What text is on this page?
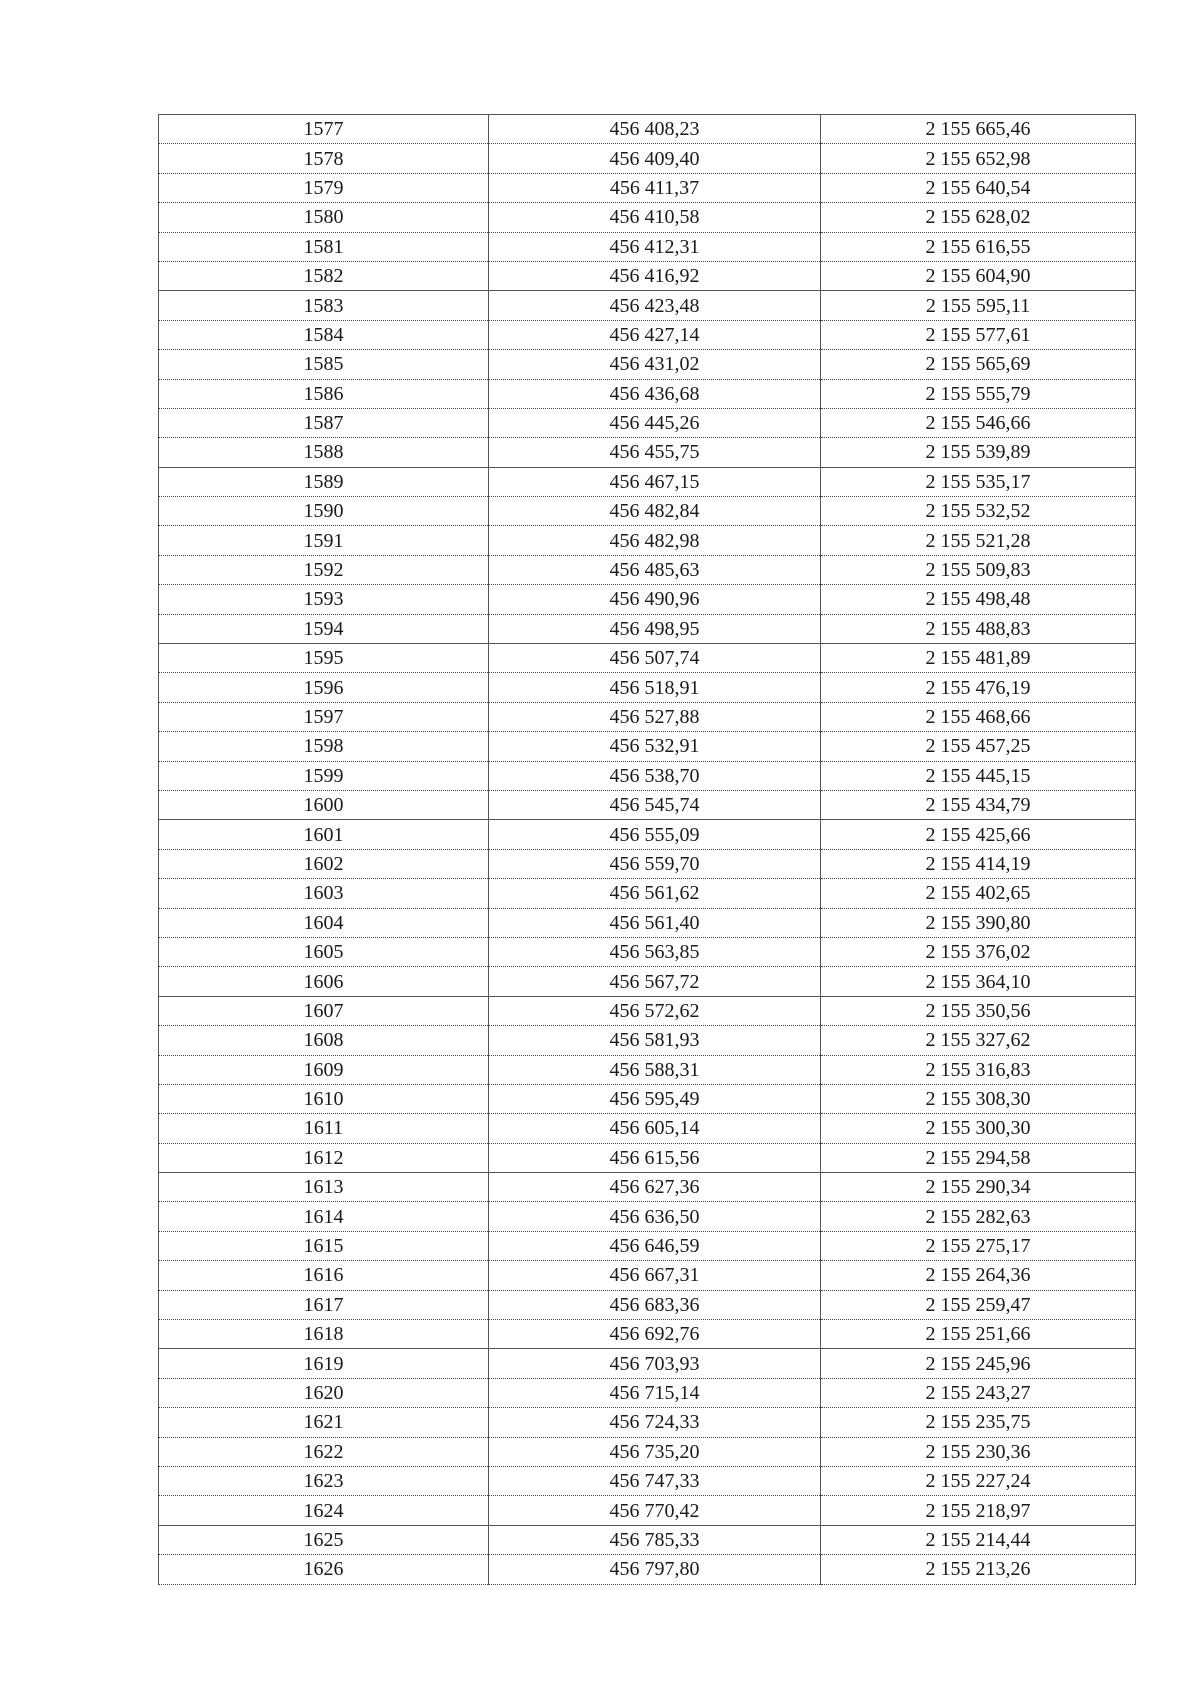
1577	456 408,23	2 155 665,46
1578	456 409,40	2 155 652,98
1579	456 411,37	2 155 640,54
1580	456 410,58	2 155 628,02
1581	456 412,31	2 155 616,55
1582	456 416,92	2 155 604,90
1583	456 423,48	2 155 595,11
1584	456 427,14	2 155 577,61
1585	456 431,02	2 155 565,69
1586	456 436,68	2 155 555,79
1587	456 445,26	2 155 546,66
1588	456 455,75	2 155 539,89
1589	456 467,15	2 155 535,17
1590	456 482,84	2 155 532,52
1591	456 482,98	2 155 521,28
1592	456 485,63	2 155 509,83
1593	456 490,96	2 155 498,48
1594	456 498,95	2 155 488,83
1595	456 507,74	2 155 481,89
1596	456 518,91	2 155 476,19
1597	456 527,88	2 155 468,66
1598	456 532,91	2 155 457,25
1599	456 538,70	2 155 445,15
1600	456 545,74	2 155 434,79
1601	456 555,09	2 155 425,66
1602	456 559,70	2 155 414,19
1603	456 561,62	2 155 402,65
1604	456 561,40	2 155 390,80
1605	456 563,85	2 155 376,02
1606	456 567,72	2 155 364,10
1607	456 572,62	2 155 350,56
1608	456 581,93	2 155 327,62
1609	456 588,31	2 155 316,83
1610	456 595,49	2 155 308,30
1611	456 605,14	2 155 300,30
1612	456 615,56	2 155 294,58
1613	456 627,36	2 155 290,34
1614	456 636,50	2 155 282,63
1615	456 646,59	2 155 275,17
1616	456 667,31	2 155 264,36
1617	456 683,36	2 155 259,47
1618	456 692,76	2 155 251,66
1619	456 703,93	2 155 245,96
1620	456 715,14	2 155 243,27
1621	456 724,33	2 155 235,75
1622	456 735,20	2 155 230,36
1623	456 747,33	2 155 227,24
1624	456 770,42	2 155 218,97
1625	456 785,33	2 155 214,44
1626	456 797,80	2 155 213,26
